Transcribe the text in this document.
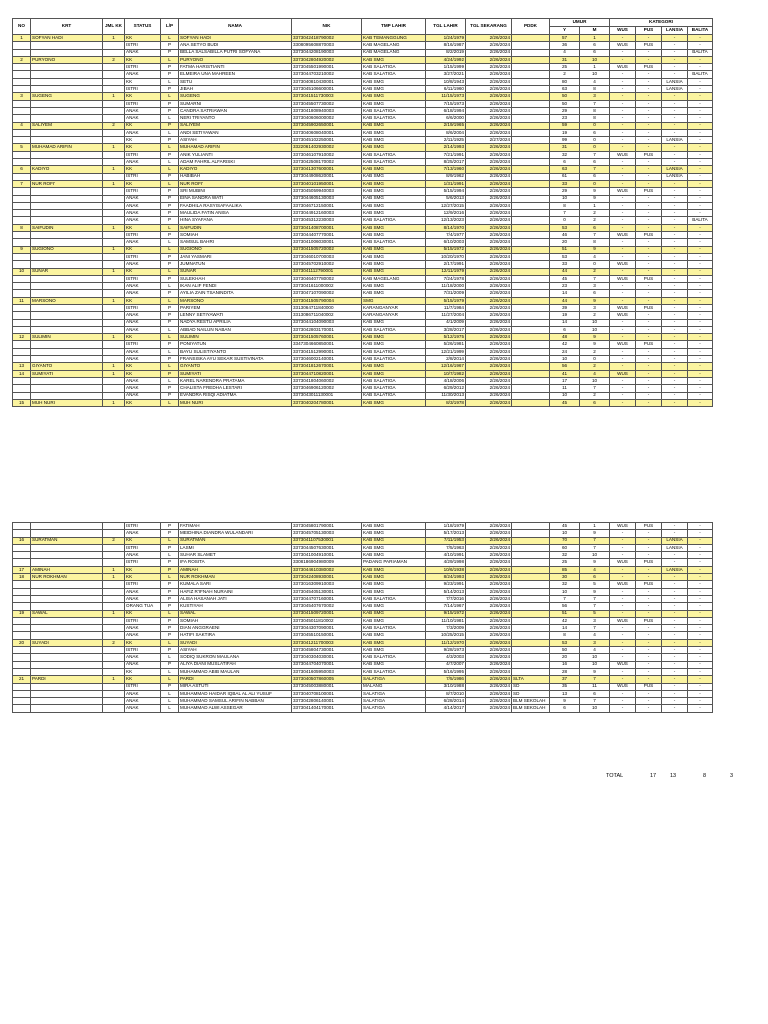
NO	KRT	JML KK	STATUS	L/P	NAMA	NIK	TMP LAHIR	TGL LAHIR	TGL SEKARANG	PDDK	UMUR		KATEGORI			
											Y	M	WUS	PUS	LANSIA	BALITA
1	SOFYAN HADI	1	KK	L	SOFYAN HADI	3373042418790002	KAB TEMANGGUNG	1/24/1979	2/26/2024		57	1	-	-	-	-
			ISTRI	P	ANA SETYO BUDI	3308095608870003	KAB MAGELANG	8/16/1987	2/26/2024		36	6	WUS	PUS	-	-
			ANAK	P	BELLA SALSABILLA PUTRI SOFYANA	3373044208190003	KAB MAGELANG	8/2/2019	2/26/2024		4	6	-	-	-	BALITA
2	PURYONO	2	KK	L	PURYONO	3373042804920002	KAB SMG	4/24/1992	2/26/2024		31	10	-	-	-	-
			ISTRI	P	FATMA HARISTIANTI	3373045501990001	KAB SALATIGA	1/15/1999	2/26/2024		25	1	WUS	PUS	-	-
			ANAK	P	ELMEIRA UNA MAHREEN	3373044703210002	KAB SALATIGA	3/27/2021	2/26/2024		2	10	-	-	-	BALITA
			KK	L	SETU	3373040810430001	KAB SMG	10/8/1943	2/26/2024		80	4	-	-	LANSIA	-
			ISTRI	P	JIBAH	3373045106600001	KAB SMG	6/11/1960	2/26/2024		63	8	-	-	LANSIA	-
3	SUGENG	1	KK	L	SUGENG	3373041511730003	KAB SMG	11/15/1973	2/26/2024		50	3	-	-	-	-
			ISTRI	P	SUMARNI	3373045507730002	KAB SMG	7/15/1973	2/26/2024		50	7	-	-	-	-
			ANAK	P	CANDRA SATRIAWAN	3373041808940003	KAB SALATIGA	6/18/1994	2/26/2024		29	8	-	-	-	-
			ANAK	L	NERI TRIYANTO	3373040606000002	KAB SALATIGA	6/6/2000	2/26/2024		23	8	-	-	-	-
4	SALIYEM	2	KK	P	SALIYEM	3373045902650001	KAB SMG	2/19/1965	2/26/2024		59	0	-	-	-	-
			ANAK	L	ANDI SETIYAWAN	3373040608040001	KAB SMG	8/6/2004	2/26/2024		19	6	-	-	-	-
			KK	P	ASIYAH	3373045102250001	KAB SMG	2/11/1925	2/27/2024		99	0	-	-	LANSIA	-
5	MUHAMAD ARIFIN	1	KK	L	MUHAMAD ARIFIN	3322061402930002	KAB SMG	2/14/1993	2/26/2024		31	0	-	-	-	-
			ISTRI	P	ANIK YULIANTI	3373046107910002	KAB SALATIGA	7/21/1991	2/26/2024		32	7	WUS	PUS	-	-
			ANAK	L	ADAM FAHRIL ALFARISKI	3373042508170002	KAB SALATIGA	8/25/2017	2/26/2024		6	6	-	-	-	-
6	KADIYO	1	KK	L	KADIYO	3373041307600001	KAB SMG	7/13/1960	2/26/2024		63	7	-	-	LANSIA	-
			ISTRI	P	HABIBAH	3373044908620001	KAB SMG	8/9/1962	2/26/2024		61	6	-	-	LANSIA	-
7	NUR ROFI'	1	KK	L	NUR ROFI'	3373040101950001	KAB SMG	1/31/1991	2/26/2024		33	0	-	-	-	-
			ISTRI	P	SRI MUBINI	3373045059940003	KAB SMG	5/15/1994	2/26/2024		29	9	WUS	PUS	-	-
			ANAK	P	EINA SANDRA WATI	3373044605130003	KAB SMG	5/6/2013	2/26/2024		10	9	-	-	-	-
			ANAK	P	FAADHILA RASYISAFAALIKA	3373046712150001	KAB SMG	12/27/2015	2/26/2024		8	1	-	-	-	-
			ANAK	P	MAULIDA FATIN ANISA	3373044912160003	KAB SMG	12/9/2016	2/26/2024		7	2	-	-	-	-
			ANAK	P	HINA SYAFANA	3373045312230003	KAB SALATIGA	12/13/2023	2/26/2024		0	2	-	-	-	BALITA
8	SAIFUDIN	1	KK	L	SAIFUDIN	3373041408700001	KAB SMG	8/14/1970	2/26/2024		53	6	-	-	-	-
			ISTRI	P	SOMIAH	3373044407770001	KAB SMG	7/4/1977	2/26/2024		46	7	WUS	PUS	-	-
			ANAK	L	SAMSUL BAHRI	3373041006030001	KAB SALATIGA	6/10/2003	2/26/2024		20	8	-	-	-	-
9	SUGIONO	1	KK	L	SUGIONO	3373041505720002	KAB SMG	5/15/1972	2/26/2024		51	9	-	-	-	-
			ISTRI	P	JANI YASMARI	3373046010700003	KAB SMG	10/20/1970	2/26/2024		53	4	-	-	-	-
			ANAK	P	JUMNATUN	3373045702910002	KAB SMG	2/17/1991	2/26/2024		33	0	WUS	-	-	-
10	SUNAR	1	KK	L	SUNAR	3373041112790001	KAB SMG	12/11/1979	2/26/2024		44	2	-	-	-	-
			ISTRI	P	SULEKHAH	3373046407780002	KAB MAGELANG	7/24/1978	2/26/2024		45	7	WUS	PUS	-	-
			ANAK	L	IKAN ALIF FENDI	3373041611000002	KAB SMG	11/18/2000	2/26/2024		23	3	-	-	-	-
			ANAK	P	AYILIA ZAIN TSANINDITA	3373047107090002	KAB SMG	7/31/2009	2/26/2024		14	6	-	-	-	-
11	MARSONO	1	KK	L	MARSONO	3373041505790004	SMG	5/15/1979	2/26/2024		44	9	-	-	-	-
			ISTRI	P	PARIYEM	3313064711840000	KARANGANYAR	11/7/1984	2/26/2024		39	3	WUS	PUS	-	-
			ANAK	P	LENNY SETIYAWATI	3313086711040002	KARANGANYAR	11/27/2004	2/26/2024		19	2	WUS	-	-	-
			ANAK	P	NADYA RESTU APRILIA	3373044104090003	KAB SMG	4/1/2009	2/26/2024		14	10	-	-	-	-
			ANAK	L	ABBAD NAILUN NABAN	3373042803170001	KAB SALATIGA	3/28/2017	2/26/2024		6	10	-	-	-	-
12	SULIMIN	1	KK	L	SULIMIN	3373041505760001	KAB SMG	5/12/1975	2/26/2024		48	9	-	-	-	-
			ISTRI	P	PONIYATUN	3347304660850001	KAB SMG	5/26/1981	2/26/2024		42	9	WUS	PUS	-	-
			ANAK	L	BAYU SULISTIYANTO	3373041512990001	KAB SALATIGA	12/21/1999	2/26/2024		24	2	-	-	-	-
			ANAK	P	FRANSISKA AYU SEKAR SUSTIVINATA	3373046002140001	KAB SALATIGA	2/8/2014	2/26/2024		10	0	-	-	-	-
13	GIYANTO	1	KK	L	GIYANTO	3373041812670001	KAB SMG	12/16/1967	2/26/2024		56	2	-	-	-	-
14	SUMIYATI	1	KK	P	SUMIYATI	3373044710820001	KAB SMG	10/7/1982	2/26/2024		41	4	WUS	-	-	-
			ANAK	L	KAREL NARENDRA PRATAMA	3373041804060002	KAB SALATIGA	4/18/2006	2/26/2024		17	10	-	-	-	-
			ANAK	P	CHALISTA FREDHA LESTARI	3373046906120002	KAB SALATIGA	6/29/2012	2/26/2024		11	7	-	-	-	-
			ANAK	P	EVANDRA RISQI ADIATMA	3373043011130001	KAB SALATIGA	11/30/2013	2/26/2024		10	2	-	-	-	-
15	MUH NURI	1	KK	L	MUH NURI	3373040204780001	KAB SMG	8/3/1978	2/26/2024		45	6	-	-	-	-
			ISTRI	P	FATIMAH	3373045801790001	KAB SMG	1/18/1979	2/26/2024		45	1	WUS	PUS	-	-
			ANAK	P	MEIDHINA DIANDRA WULANDARI	3373045705130003	KAB SMG	5/17/2013	2/26/2024		10	9	-	-	-	-
16	SURATMAN	2	KK	L	SURATMAN	3373041107530001	KAB SMG	7/11/1953	2/26/2024		70	7	-	-	LANSIA	-
			ISTRI	P	LASMI	3373044507630001	KAB SMG	7/5/1963	2/26/2024		60	7	-	-	LANSIA	-
			ANAK	L	SUHAR SLAMET	3373041004910001	KAB SMG	4/10/1991	2/26/2024		32	10	-	-	-	-
			ISTRI	P	IFA ROSITA	3308186904980009	PADANG PARIAMAN	4/29/1998	2/26/2024		25	9	WUS	PUS	-	-
17	AMINAH	1	KK	P	AMINAH	3373044610380002	KAB SMG	10/6/1938	2/26/2024		85	4	-	-	LANSIA	-
18	NUR ROKHMAN	1	KK	L	NUR ROKHMAN	3373042408930001	KAB SMG	8/24/1993	2/26/2024		30	6	-	-	-	-
			ISTRI	P	KUMALA SARI	3373016309910003	KAB SMG	9/23/1991	2/26/2024		32	5	WUS	PUS	-	-
			ANAK	P	HAFIZ R'IFNAH NURAINI	3373045405130001	KAB SMG	5/14/2013	2/26/2024		10	9	-	-	-	-
			ANAK	P	ALISA HASANAH JATI	3373044707160001	KAB SALATIGA	7/7/2016	2/26/2024		7	7	-	-	-	-
			ORANG TUA	P	KUSTIYAH	3373045407670002	KAB SMG	7/14/1967	2/26/2024		56	7	-	-	-	-
19	SAWAL	1	KK	L	SAWAL	3373041509720001	KAB SMG	9/15/1972	2/26/2024		51	5	-	-	-	-
			ISTRI	P	SOMIAH	3373045011810002	KAB SMG	11/10/1981	2/26/2024		42	3	WUS	PUS	-	-
			ANAK	P	DIAN ANGGRAENI	3373044307090001	KAB SALATIGA	7/3/2009	2/26/2024		14	7	-	-	-	-
			ANAK	P	HATIFI SAKTIRA	3373045510150001	KAB SMG	10/25/2015	2/26/2024		8	4	-	-	-	-
20	SUYADI	2	KK	L	SUYADI	3373041211700003	KAB SMG	11/12/1970	2/26/2024		53	3	-	-	-	-
			ISTRI	P	ASIYAH	3373045804730001	KAB SMG	9/28/1973	2/26/2024		50	4	-	-	-	-
			ANAK	L	SODIQ SUKRON MAULANA	3373040304030001	KAB SALATIGA	4/3/2003	2/26/2024		20	10	-	-	-	-
			ANAK	P	ALIYA DIANI MUSLATIFAH	3373044704070001	KAB SMG	4/7/2007	2/26/2024		16	10	WUS	-	-	-
			KK	L	MUHAMMAD ABIB MAULAN	3373041605950003	KAB SALATIGA	5/16/1995	2/26/2024		28	9	-	-	-	-
21	PARDI	1	KK	L	PARDI	3373040507860005	SALATIGA	7/5/1986	2/26/2024	SLTA	37	7	-	-	-	-
			ISTRI	P	MIRA ASTUTI	3373045003880001	MALANG	3/10/1988	2/26/2024	SD	35	11	WUS	PUS	-	-
			ANAK	L	MUHAMMAD HAIDAR IQBAL AL ALI YUSUF	3373040708100001	SALATIGA	8/7/2010	2/26/2024	SD	13	6	-	-	-	-
			ANAK	L	MUHAMMAD SAMSUL ARIFIN NABBAN	3373042806140001	SALATIGA	6/28/2014	2/26/2024	BLM SEKOLAH	9	7	-	-	-	-
			ANAK	L	MUHAMMAD ALWI ASSEGAR	3373041404170001	SALATIGA	4/14/2017	2/26/2024	BLM SEKOLAH	6	10	-	-	-	-
TOTAL	17	13	8	3
